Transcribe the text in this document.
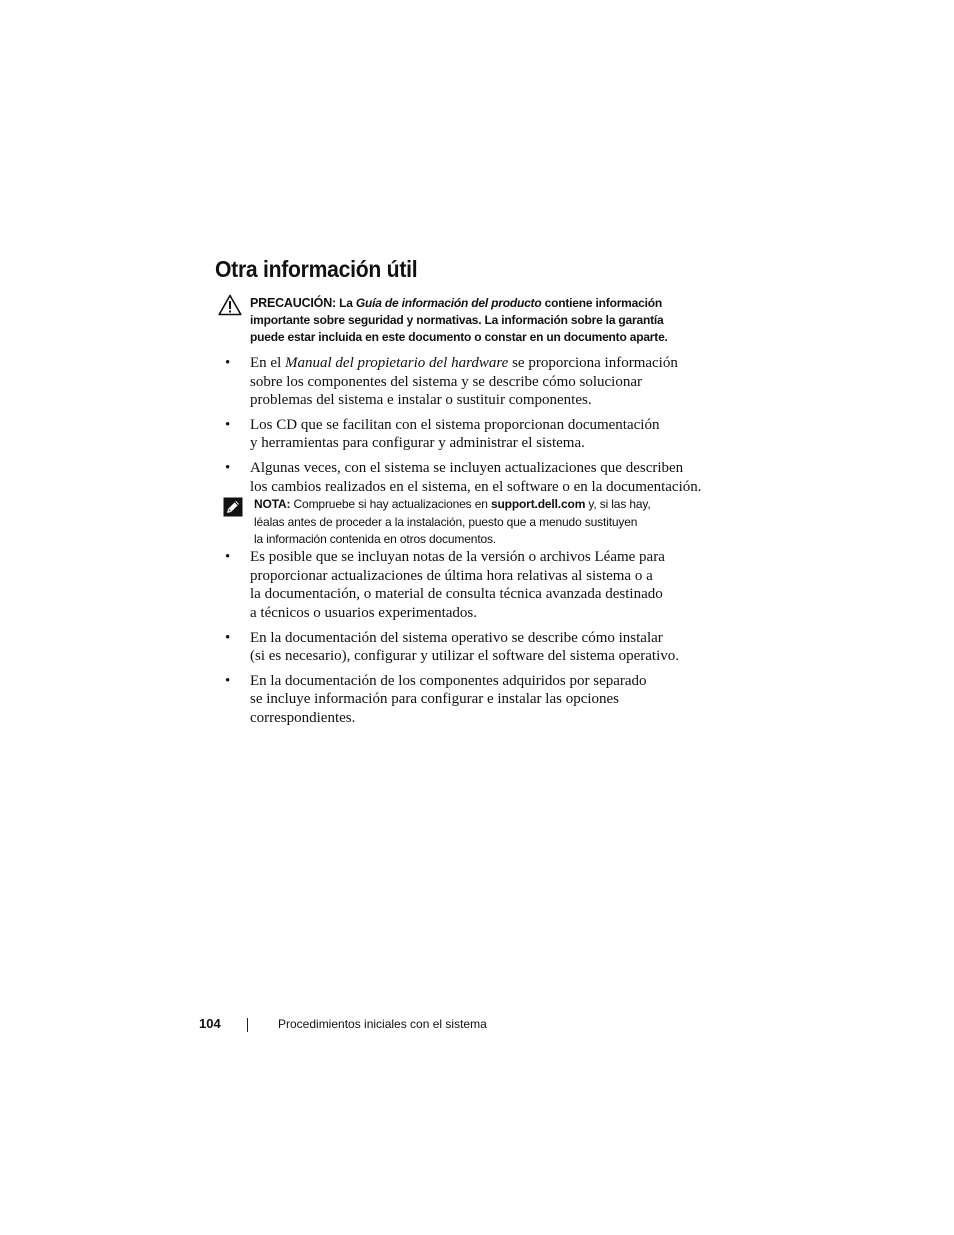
Otra información útil
PRECAUCIÓN: La Guía de información del producto contiene información
importante sobre seguridad y normativas. La información sobre la garantía
puede estar incluida en este documento o constar en un documento aparte.
• En el Manual del propietario del hardware se proporciona información
sobre los componentes del sistema y se describe cómo solucionar
problemas del sistema e instalar o sustituir componentes.
• Los CD que se facilitan con el sistema proporcionan documentación
y herramientas para configurar y administrar el sistema.
• Algunas veces, con el sistema se incluyen actualizaciones que describen
los cambios realizados en el sistema, en el software o en la documentación.
NOTA: Compruebe si hay actualizaciones en support.dell.com y, si las hay,
léalas antes de proceder a la instalación, puesto que a menudo sustituyen
la información contenida en otros documentos.
• Es posible que se incluyan notas de la versión o archivos Léame para
proporcionar actualizaciones de última hora relativas al sistema o a
la documentación, o material de consulta técnica avanzada destinado
a técnicos o usuarios experimentados.
• En la documentación del sistema operativo se describe cómo instalar
(si es necesario), configurar y utilizar el software del sistema operativo.
• En la documentación de los componentes adquiridos por separado
se incluye información para configurar e instalar las opciones
correspondientes.
104	Procedimientos iniciales con el sistema
